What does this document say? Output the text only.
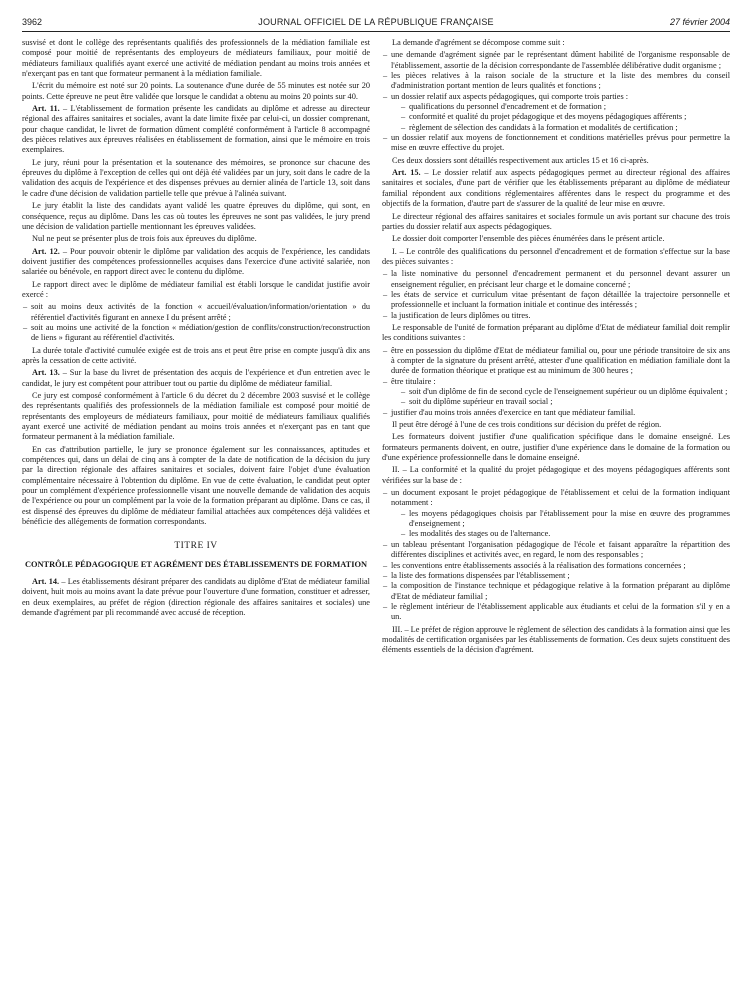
3962	JOURNAL OFFICIEL DE LA RÉPUBLIQUE FRANÇAISE	27 février 2004

susvisé et dont le collège des représentants qualifiés des professionnels de la médiation familiale est composé pour moitié de représentants des employeurs de médiateurs familiaux, pour moitié de médiateurs familiaux qualifiés ayant exercé une activité de médiation pendant au moins trois années et n'exerçant pas en tant que formateur permanent à la médiation familiale.

L'écrit du mémoire est noté sur 20 points. La soutenance d'une durée de 55 minutes est notée sur 20 points. Cette épreuve ne peut être validée que lorsque le candidat a obtenu au moins 20 points sur 40.

Art. 11. – L'établissement de formation présente les candidats au diplôme et adresse au directeur régional des affaires sanitaires et sociales, avant la date limite fixée par celui-ci, un dossier comprenant, pour chaque candidat, le livret de formation dûment complété conformément à l'article 8 accompagné des pièces relatives aux épreuves réalisées en établissement de formation, ainsi que le mémoire en trois exemplaires.

Le jury, réuni pour la présentation et la soutenance des mémoires, se prononce sur chacune des épreuves du diplôme à l'exception de celles qui ont déjà été validées par un jury, soit dans le cadre de la validation des acquis de l'expérience et des dispenses prévues au dernier alinéa de l'article 13, soit dans le cadre d'une décision de validation partielle telle que prévue à l'alinéa suivant.

Le jury établit la liste des candidats ayant validé les quatre épreuves du diplôme, qui sont, en conséquence, reçus au diplôme. Dans les cas où toutes les épreuves ne sont pas validées, le jury prend une décision de validation partielle mentionnant les épreuves validées.

Nul ne peut se présenter plus de trois fois aux épreuves du diplôme.

Art. 12. – Pour pouvoir obtenir le diplôme par validation des acquis de l'expérience, les candidats doivent justifier des compétences professionnelles acquises dans l'exercice d'une activité salariée, non salariée ou bénévole, en rapport direct avec le contenu du diplôme.

Le rapport direct avec le diplôme de médiateur familial est établi lorsque le candidat justifie avoir exercé :

– soit au moins deux activités de la fonction « accueil/évaluation/information/orientation » du référentiel d'activités figurant en annexe I du présent arrêté ;
– soit au moins une activité de la fonction « médiation/gestion de conflits/construction/reconstruction de liens » figurant au référentiel d'activités.

La durée totale d'activité cumulée exigée est de trois ans et peut être prise en compte jusqu'à dix ans après la cessation de cette activité.

Art. 13. – Sur la base du livret de présentation des acquis de l'expérience et d'un entretien avec le candidat, le jury est compétent pour attribuer tout ou partie du diplôme de médiateur familial.

Ce jury est composé conformément à l'article 6 du décret du 2 décembre 2003 susvisé et le collège des représentants qualifiés des professionnels de la médiation familiale est composé pour moitié de représentants des employeurs de médiateurs familiaux, pour moitié de médiateurs familiaux qualifiés ayant exercé une activité de médiation pendant au moins trois années et n'exerçant pas en tant que formateur permanent à la médiation familiale.

En cas d'attribution partielle, le jury se prononce également sur les connaissances, aptitudes et compétences qui, dans un délai de cinq ans à compter de la date de notification de la décision du jury par la direction régionale des affaires sanitaires et sociales, doivent faire l'objet d'une évaluation complémentaire nécessaire à l'obtention du diplôme. En vue de cette évaluation, le candidat peut opter pour un complément d'expérience professionnelle visant une nouvelle demande de validation des acquis de l'expérience ou pour un complément par la voie de la formation préparant au diplôme. Dans ce cas, il est dispensé des épreuves du diplôme de médiateur familial attachées aux compétences déjà validées et bénéficie des allégements de formation correspondants.

TITRE IV
CONTRÔLE PÉDAGOGIQUE ET AGRÉMENT DES ÉTABLISSEMENTS DE FORMATION

Art. 14. – Les établissements désirant préparer des candidats au diplôme d'Etat de médiateur familial doivent, huit mois au moins avant la date prévue pour l'ouverture d'une formation, constituer et adresser, en deux exemplaires, au préfet de région (direction régionale des affaires sanitaires et sociales) une demande d'agrément par pli recommandé avec accusé de réception.

La demande d'agrément se décompose comme suit :

– une demande d'agrément signée par le représentant dûment habilité de l'organisme responsable de l'établissement, assortie de la décision correspondante de l'assemblée délibérative dudit organisme ;
– les pièces relatives à la raison sociale de la structure et la liste des membres du conseil d'administration portant mention de leurs qualités et fonctions ;
– un dossier relatif aux aspects pédagogiques, qui comporte trois parties :
– qualifications du personnel d'encadrement et de formation ;
– conformité et qualité du projet pédagogique et des moyens pédagogiques afférents ;
– règlement de sélection des candidats à la formation et modalités de certification ;
– un dossier relatif aux moyens de fonctionnement et conditions matérielles prévus pour permettre la mise en œuvre effective du projet.

Ces deux dossiers sont détaillés respectivement aux articles 15 et 16 ci-après.

Art. 15. – Le dossier relatif aux aspects pédagogiques permet au directeur régional des affaires sanitaires et sociales, d'une part de vérifier que les établissements préparant au diplôme de médiateur familial répondent aux conditions réglementaires afférentes dans le respect du programme et des objectifs de la formation, d'autre part de s'assurer de la qualité de leur mise en œuvre.

Le directeur régional des affaires sanitaires et sociales formule un avis portant sur chacune des trois parties du dossier relatif aux aspects pédagogiques.

Le dossier doit comporter l'ensemble des pièces énumérées dans le présent article.

I. – Le contrôle des qualifications du personnel d'encadrement et de formation s'effectue sur la base des pièces suivantes :

– la liste nominative du personnel d'encadrement permanent et du personnel devant assurer un enseignement régulier, en précisant leur charge et le domaine concerné ;
– les états de service et curriculum vitae présentant de façon détaillée la trajectoire personnelle et professionnelle et incluant la formation initiale et continue des intéressés ;
– la justification de leurs diplômes ou titres.

Le responsable de l'unité de formation préparant au diplôme d'Etat de médiateur familial doit remplir les conditions suivantes :

– être en possession du diplôme d'Etat de médiateur familial ou, pour une période transitoire de six ans à compter de la signature du présent arrêté, attester d'une qualification en médiation familiale dont la durée de formation théorique et pratique est au minimum de 300 heures ;
– être titulaire :
– soit d'un diplôme de fin de second cycle de l'enseignement supérieur ou un diplôme équivalent ;
– soit du diplôme supérieur en travail social ;
– justifier d'au moins trois années d'exercice en tant que médiateur familial.

Il peut être dérogé à l'une de ces trois conditions sur décision du préfet de région.

Les formateurs doivent justifier d'une qualification spécifique dans le domaine enseigné. Les formateurs permanents doivent, en outre, justifier d'une expérience dans le domaine de la formation ou d'une expérience professionnelle dans le domaine enseigné.

II. – La conformité et la qualité du projet pédagogique et des moyens pédagogiques afférents sont vérifiées sur la base de :

– un document exposant le projet pédagogique de l'établissement et celui de la formation indiquant notamment :
– les moyens pédagogiques choisis par l'établissement pour la mise en œuvre des programmes d'enseignement ;
– les modalités des stages ou de l'alternance.
– un tableau présentant l'organisation pédagogique de l'école et faisant apparaître la répartition des différentes disciplines et activités avec, en regard, le nom des responsables ;
– les conventions entre établissements associés à la réalisation des formations concernées ;
– la liste des formations dispensées par l'établissement ;
– la composition de l'instance technique et pédagogique relative à la formation préparant au diplôme d'Etat de médiateur familial ;
– le règlement intérieur de l'établissement applicable aux étudiants et celui de la formation s'il y en a un.

III. – Le préfet de région approuve le règlement de sélection des candidats à la formation ainsi que les modalités de certification organisées par les établissements de formation. Ces deux sujets constituent des éléments essentiels de la décision d'agrément.
